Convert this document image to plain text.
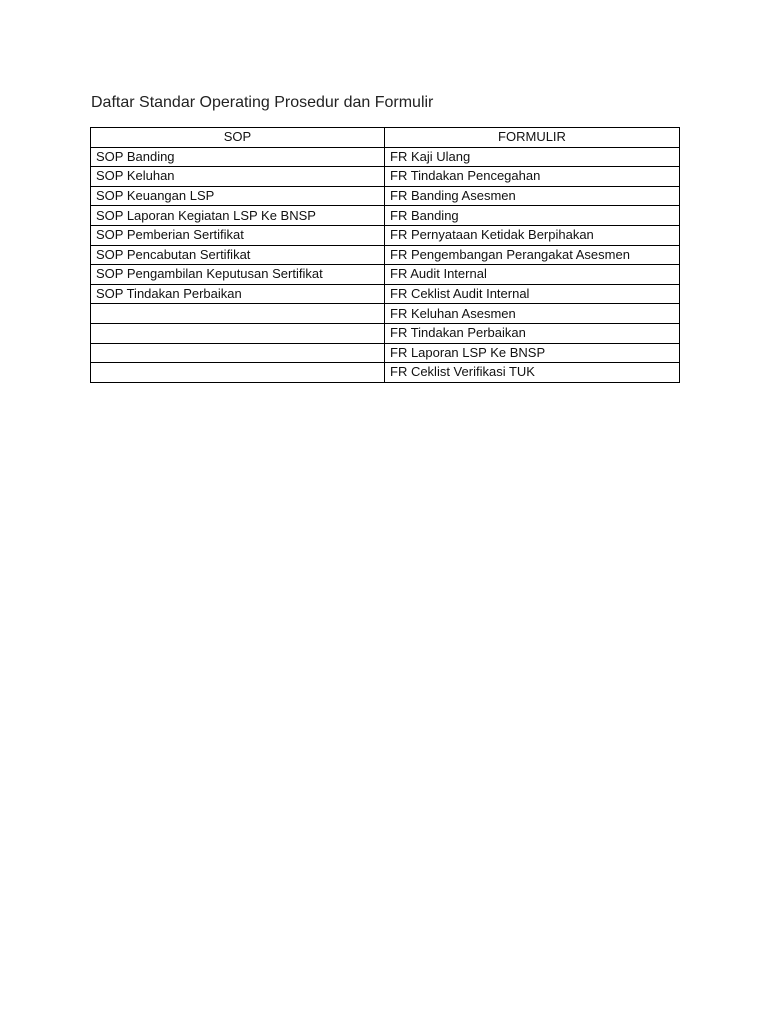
Daftar Standar Operating Prosedur dan Formulir
SOP	FORMULIR
SOP Banding	FR Kaji Ulang
SOP Keluhan	FR Tindakan Pencegahan
SOP Keuangan LSP	FR Banding Asesmen
SOP Laporan Kegiatan LSP Ke BNSP	FR Banding
SOP Pemberian Sertifikat	FR Pernyataan Ketidak Berpihakan
SOP Pencabutan Sertifikat	FR Pengembangan Perangakat Asesmen
SOP Pengambilan Keputusan Sertifikat	FR Audit Internal
SOP Tindakan Perbaikan	FR Ceklist Audit Internal
	FR Keluhan Asesmen
	FR Tindakan Perbaikan
	FR Laporan LSP Ke BNSP
	FR Ceklist Verifikasi TUK
